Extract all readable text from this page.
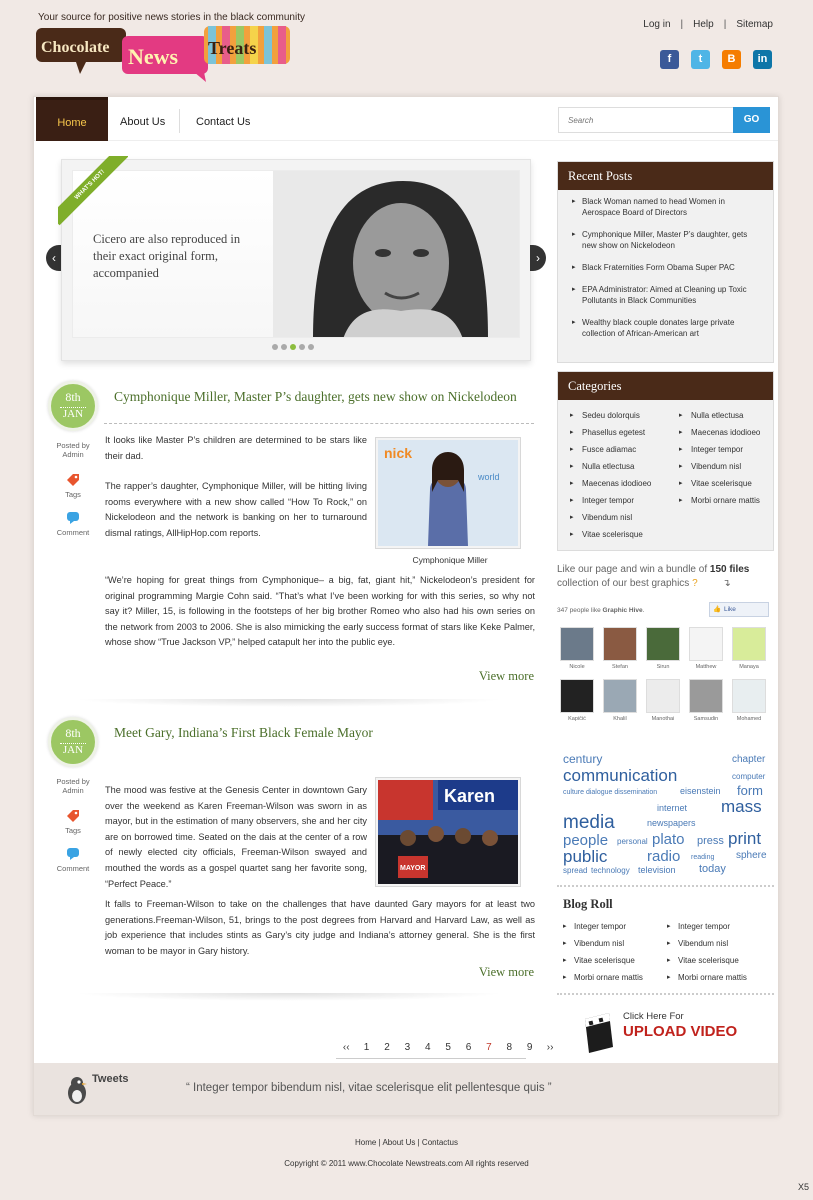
Your source for positive news stories in the black community
Chocolate News Treats
Log in | Help | Sitemap
f	t	B	in
Home	About Us	Contact Us
Search	GO
‹
Cicero are also reproduced in their exact original form, accompanied
WHAT'S HOT!
›
8th
JAN
Posted by
Admin
Tags
Comment
Cymphonique Miller, Master P’s daughter, gets new show on Nickelodeon
It looks like Master P’s children are determined to be stars like their dad.
The rapper’s daughter, Cymphonique Miller, will be hitting living rooms everywhere with a new show called “How To Rock,” on Nickelodeon and the network is banking on her to turnaround dismal ratings, AllHipHop.com reports.
nick
world
Cymphonique Miller
“We’re hoping for great things from Cymphonique– a big, fat, giant hit,” Nickelodeon’s president for original programming Margie Cohn said. “That’s what I’ve been working for with this series, so why not say it? Miller, 15, is following in the footsteps of her big brother Romeo who also had his own series on the network from 2003 to 2006. She is also mimicking the early success format of stars like Keke Palmer, whose show “True Jackson VP,” helped catapult her into the public eye.
View more
8th
JAN
Posted by
Admin
Tags
Comment
Meet Gary, Indiana’s First Black Female Mayor
The mood was festive at the Genesis Center in downtown Gary over the weekend as Karen Freeman-Wilson was sworn in as mayor, but in the estimation of many observers, she and her city are on borrowed time. Seated on the dais at the center of a row of newly elected city officials, Freeman-Wilson swayed and mouthed the words as a gospel quartet sang her favorite song, “Perfect Peace.”
Karen
MAYOR
It falls to Freeman-Wilson to take on the challenges that have daunted Gary mayors for at least two generations.Freeman-Wilson, 51, brings to the post degrees from Harvard and Harvard Law, as well as job experience that includes stints as Gary’s city judge and Indiana’s attorney general. She is the first woman to be mayor in Gary history.
View more
‹‹	1	2	3	4	5	6	7	8	9	››
Recent Posts
▸ Black Woman named to head Women in Aerospace Board of Directors
▸ Cymphonique Miller, Master P’s daughter, gets new show on Nickelodeon
▸ Black Fraternities Form Obama Super PAC
▸ EPA Administrator: Aimed at Cleaning up Toxic Pollutants in Black Communities
▸ Wealthy black couple donates large private collection of African-American art
Categories
▸ Sedeu dolorquis
▸ Phasellus egetest
▸ Fusce adiamac
▸ Nulla etlectusa
▸ Maecenas idodioeo
▸ Integer tempor
▸ Vibendum nisl
▸ Vitae scelerisque
▸ Nulla etlectusa
▸ Maecenas idodioeo
▸ Integer tempor
▸ Vibendum nisl
▸ Vitae scelerisque
▸ Morbi ornare mattis
Like our page and win a bundle of 150 files
collection of our best graphics ? ↴
347 people like Graphic Hive.	👍 Like
Nicole	Stefan	Sirun	Matthew	Manaya
Kapičić	Khalil	Manothai	Samsudin	Mohamed
century	chapter
communication	computer
culture dialogue dissemination	eisenstein form
internet mass
media	newspapers
people personal plato press print
public	radio reading sphere
spread technology television today
Blog Roll
▸ Integer tempor
▸ Vibendum nisl
▸ Vitae scelerisque
▸ Morbi ornare mattis
▸ Integer tempor
▸ Vibendum nisl
▸ Vitae scelerisque
▸ Morbi ornare mattis
Click Here For
UPLOAD VIDEO
Tweets
“ Integer tempor bibendum nisl, vitae scelerisque elit pellentesque quis ”
Home | About Us | Contactus
Copyright © 2011 www.Chocolate Newstreats.com All rights reserved
X5
